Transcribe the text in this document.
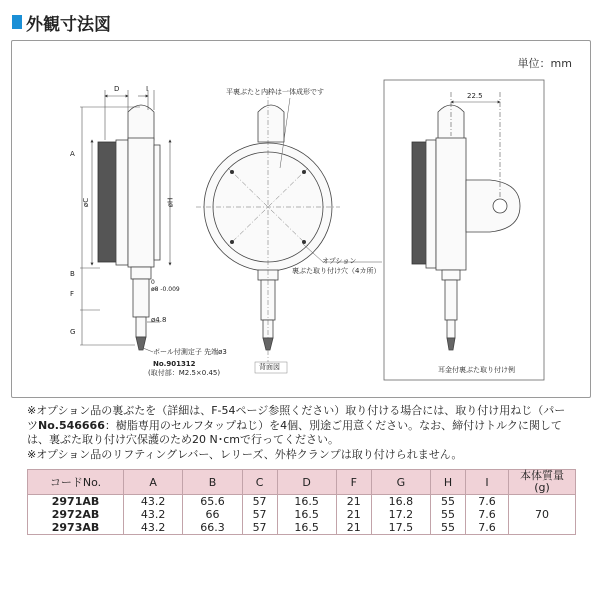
外観寸法図
単位：mm
D	I
A
B
F
G
øC	øH
0
ø8 -0.009
ø4.8
ボール付測定子 先端ø3
No.901312
(取付部：M2.5×0.45)
平裏ぶたと内枠は一体成形です
オプション
裏ぶた取り付け穴（4カ所）
背面図
22.5
耳金付裏ぶた取り付け例

※オプション品の裏ぶたを（詳細は、F-54ページ参照ください）取り付ける場合には、取り付け用ねじ（パーツNo.546666：樹脂専用のセルフタップねじ）を4個、別途ご用意ください。なお、締付けトルクに関しては、裏ぶた取り付け穴保護のため20 N･cmで行ってください。

※オプション品のリフティングレバー、レリーズ、外枠クランプは取り付けられません。

コードNo.	A	B	C	D	F	G	H	I	本体質量
(g)
2971AB	43.2	65.6	57	16.5	21	16.8	55	7.6	70
2972AB	43.2	66	57	16.5	21	17.2	55	7.6	
2973AB	43.2	66.3	57	16.5	21	17.5	55	7.6	
